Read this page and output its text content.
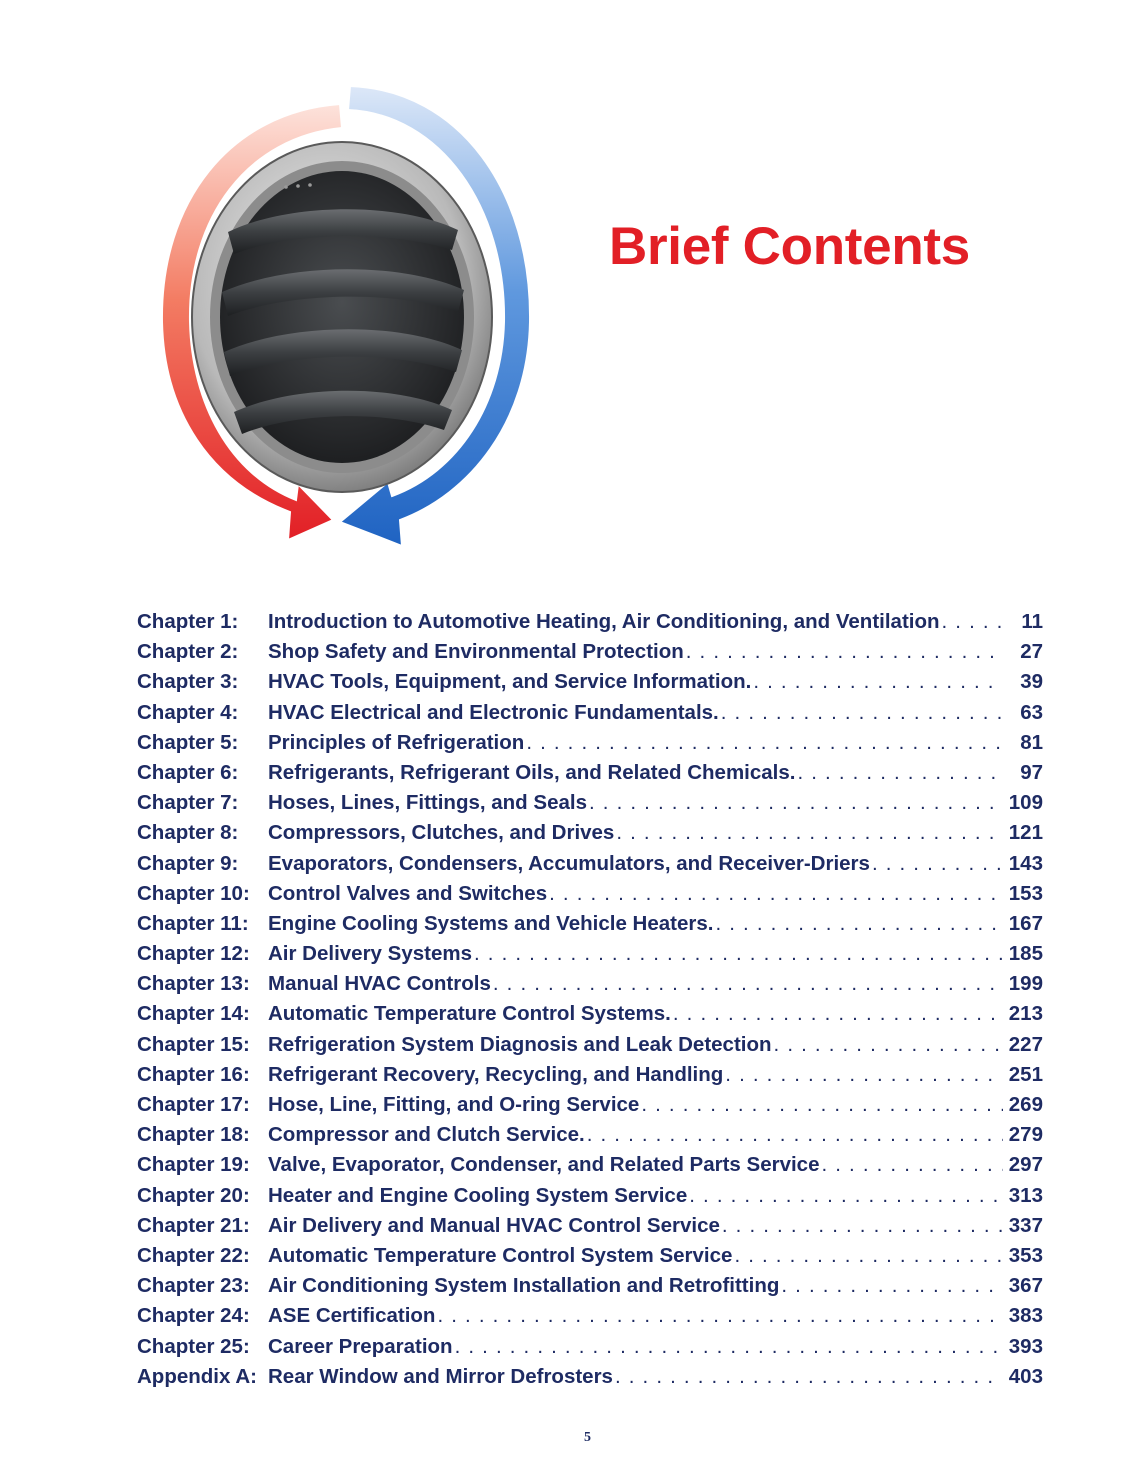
Brief Contents
Chapter 1:	Introduction to Automotive Heating, Air Conditioning, and Ventilation . . .	11
Chapter 2:	Shop Safety and Environmental Protection . . .	27
Chapter 3:	HVAC Tools, Equipment, and Service Information. . . .	39
Chapter 4:	HVAC Electrical and Electronic Fundamentals. . . .	63
Chapter 5:	Principles of Refrigeration . . .	81
Chapter 6:	Refrigerants, Refrigerant Oils, and Related Chemicals. . . .	97
Chapter 7:	Hoses, Lines, Fittings, and Seals . . .	109
Chapter 8:	Compressors, Clutches, and Drives . . .	121
Chapter 9:	Evaporators, Condensers, Accumulators, and Receiver-Driers . . .	143
Chapter 10: Control Valves and Switches . . .	153
Chapter 11: Engine Cooling Systems and Vehicle Heaters. . . .	167
Chapter 12: Air Delivery Systems . . .	185
Chapter 13: Manual HVAC Controls . . .	199
Chapter 14: Automatic Temperature Control Systems. . . .	213
Chapter 15: Refrigeration System Diagnosis and Leak Detection . . .	227
Chapter 16: Refrigerant Recovery, Recycling, and Handling . . .	251
Chapter 17: Hose, Line, Fitting, and O-ring Service . . .	269
Chapter 18: Compressor and Clutch Service. . . .	279
Chapter 19: Valve, Evaporator, Condenser, and Related Parts Service . . .	297
Chapter 20: Heater and Engine Cooling System Service . . .	313
Chapter 21: Air Delivery and Manual HVAC Control Service . . .	337
Chapter 22: Automatic Temperature Control System Service . . .	353
Chapter 23: Air Conditioning System Installation and Retrofitting . . .	367
Chapter 24: ASE Certification . . .	383
Chapter 25: Career Preparation . . .	393
Appendix A: Rear Window and Mirror Defrosters . . .	403
5
